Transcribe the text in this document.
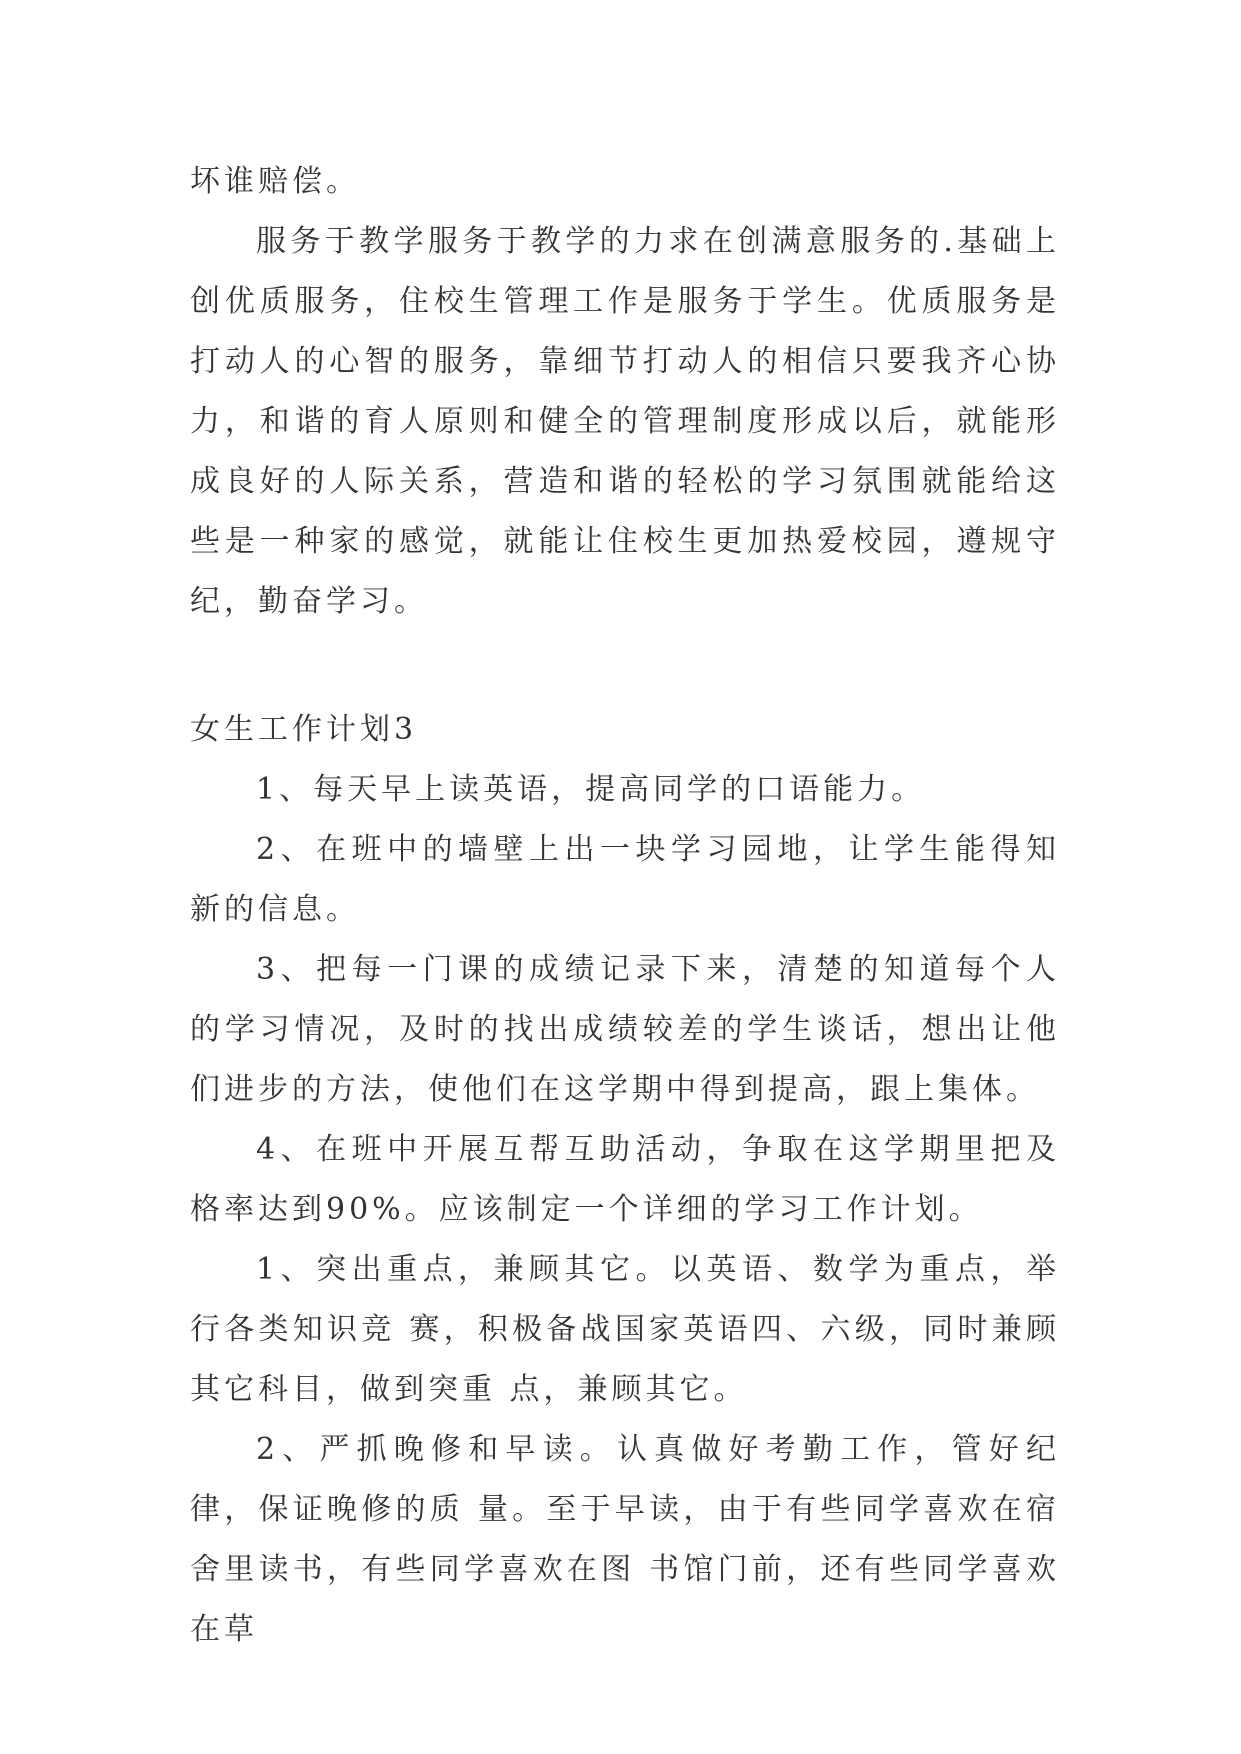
坏谁赔偿。

服务于教学服务于教学的力求在创满意服务的.基础上创优质服务，住校生管理工作是服务于学生。优质服务是打动人的心智的服务，靠细节打动人的相信只要我齐心协力，和谐的育人原则和健全的管理制度形成以后，就能形成良好的人际关系，营造和谐的轻松的学习氛围就能给这些是一种家的感觉，就能让住校生更加热爱校园，遵规守纪，勤奋学习。

女生工作计划3

1、每天早上读英语，提高同学的口语能力。

2、在班中的墙壁上出一块学习园地，让学生能得知新的信息。

3、把每一门课的成绩记录下来，清楚的知道每个人的学习情况，及时的找出成绩较差的学生谈话，想出让他们进步的方法，使他们在这学期中得到提高，跟上集体。

4、在班中开展互帮互助活动，争取在这学期里把及格率达到90%。应该制定一个详细的学习工作计划。

1、突出重点，兼顾其它。以英语、数学为重点，举行各类知识竞 赛，积极备战国家英语四、六级，同时兼顾其它科目，做到突重 点，兼顾其它。

2、严抓晚修和早读。认真做好考勤工作，管好纪律，保证晚修的质 量。至于早读，由于有些同学喜欢在宿舍里读书，有些同学喜欢在图 书馆门前，还有些同学喜欢在草
